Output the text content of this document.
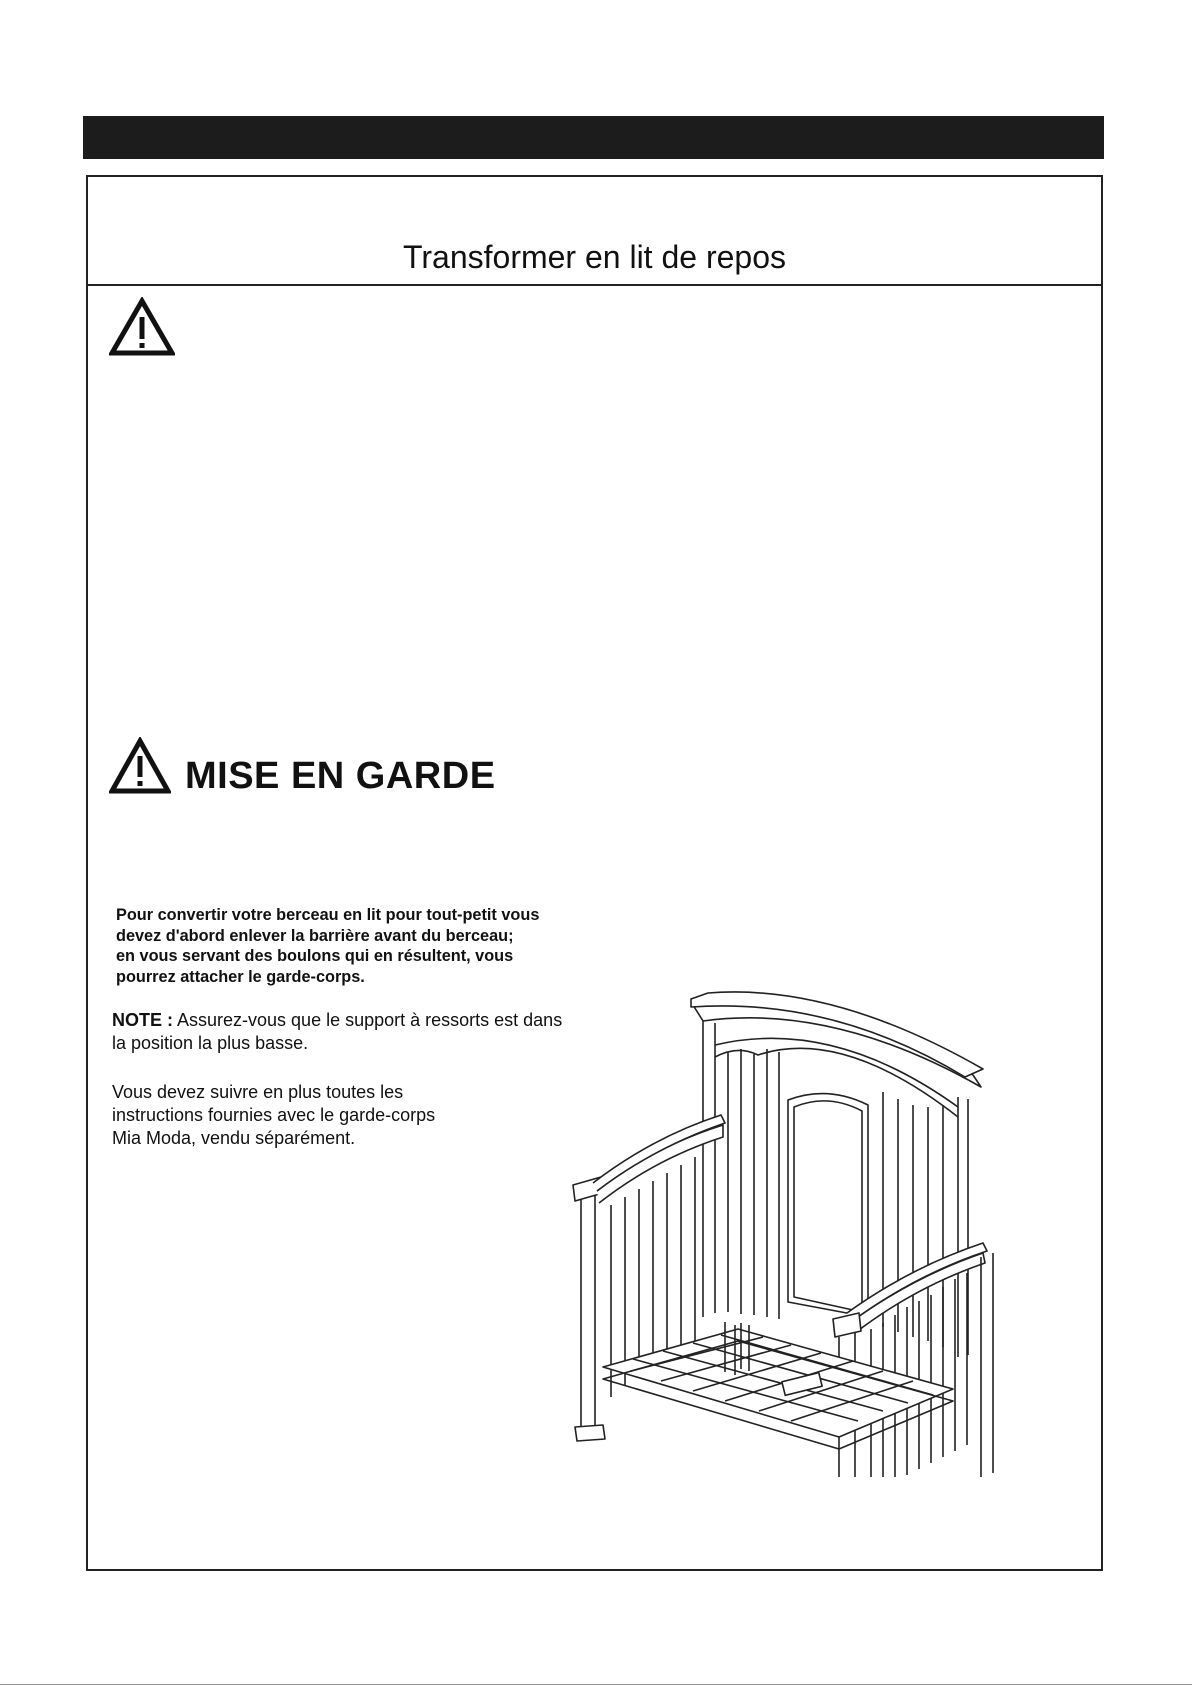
Transformer en lit de repos
MISE EN GARDE
Pour convertir votre berceau en lit pour tout-petit vous
devez d'abord enlever la barrière avant du berceau;
en vous servant des boulons qui en résultent, vous
pourrez attacher le garde-corps.
NOTE : Assurez-vous que le support à ressorts est dans la position la plus basse.
Vous devez suivre en plus toutes les
instructions fournies avec le garde-corps
Mia Moda, vendu séparément.
